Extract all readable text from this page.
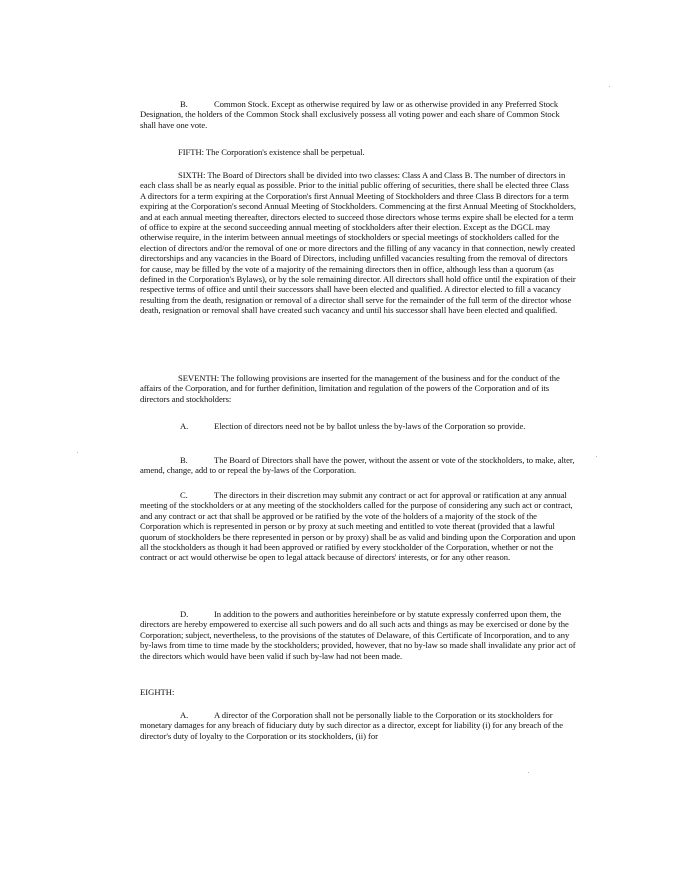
B.	Common Stock. Except as otherwise required by law or as otherwise provided in any Preferred Stock Designation, the holders of the Common Stock shall exclusively possess all voting power and each share of Common Stock shall have one vote.

FIFTH: The Corporation's existence shall be perpetual.

SIXTH: The Board of Directors shall be divided into two classes: Class A and Class B. The number of directors in each class shall be as nearly equal as possible. Prior to the initial public offering of securities, there shall be elected three Class A directors for a term expiring at the Corporation's first Annual Meeting of Stockholders and three Class B directors for a term expiring at the Corporation's second Annual Meeting of Stockholders. Commencing at the first Annual Meeting of Stockholders, and at each annual meeting thereafter, directors elected to succeed those directors whose terms expire shall be elected for a term of office to expire at the second succeeding annual meeting of stockholders after their election. Except as the DGCL may otherwise require, in the interim between annual meetings of stockholders or special meetings of stockholders called for the election of directors and/or the removal of one or more directors and the filling of any vacancy in that connection, newly created directorships and any vacancies in the Board of Directors, including unfilled vacancies resulting from the removal of directors for cause, may be filled by the vote of a majority of the remaining directors then in office, although less than a quorum (as defined in the Corporation's Bylaws), or by the sole remaining director. All directors shall hold office until the expiration of their respective terms of office and until their successors shall have been elected and qualified. A director elected to fill a vacancy resulting from the death, resignation or removal of a director shall serve for the remainder of the full term of the director whose death, resignation or removal shall have created such vacancy and until his successor shall have been elected and qualified.

SEVENTH: The following provisions are inserted for the management of the business and for the conduct of the affairs of the Corporation, and for further definition, limitation and regulation of the powers of the Corporation and of its directors and stockholders:

A.	Election of directors need not be by ballot unless the by-laws of the Corporation so provide.

B.	The Board of Directors shall have the power, without the assent or vote of the stockholders, to make, alter, amend, change, add to or repeal the by-laws of the Corporation.

C.	The directors in their discretion may submit any contract or act for approval or ratification at any annual meeting of the stockholders or at any meeting of the stockholders called for the purpose of considering any such act or contract, and any contract or act that shall be approved or be ratified by the vote of the holders of a majority of the stock of the Corporation which is represented in person or by proxy at such meeting and entitled to vote thereat (provided that a lawful quorum of stockholders be there represented in person or by proxy) shall be as valid and binding upon the Corporation and upon all the stockholders as though it had been approved or ratified by every stockholder of the Corporation, whether or not the contract or act would otherwise be open to legal attack because of directors' interests, or for any other reason.

D.	In addition to the powers and authorities hereinbefore or by statute expressly conferred upon them, the directors are hereby empowered to exercise all such powers and do all such acts and things as may be exercised or done by the Corporation; subject, nevertheless, to the provisions of the statutes of Delaware, of this Certificate of Incorporation, and to any by-laws from time to time made by the stockholders; provided, however, that no by-law so made shall invalidate any prior act of the directors which would have been valid if such by-law had not been made.

EIGHTH:

A.	A director of the Corporation shall not be personally liable to the Corporation or its stockholders for monetary damages for any breach of fiduciary duty by such director as a director, except for liability (i) for any breach of the director's duty of loyalty to the Corporation or its stockholders, (ii) for
